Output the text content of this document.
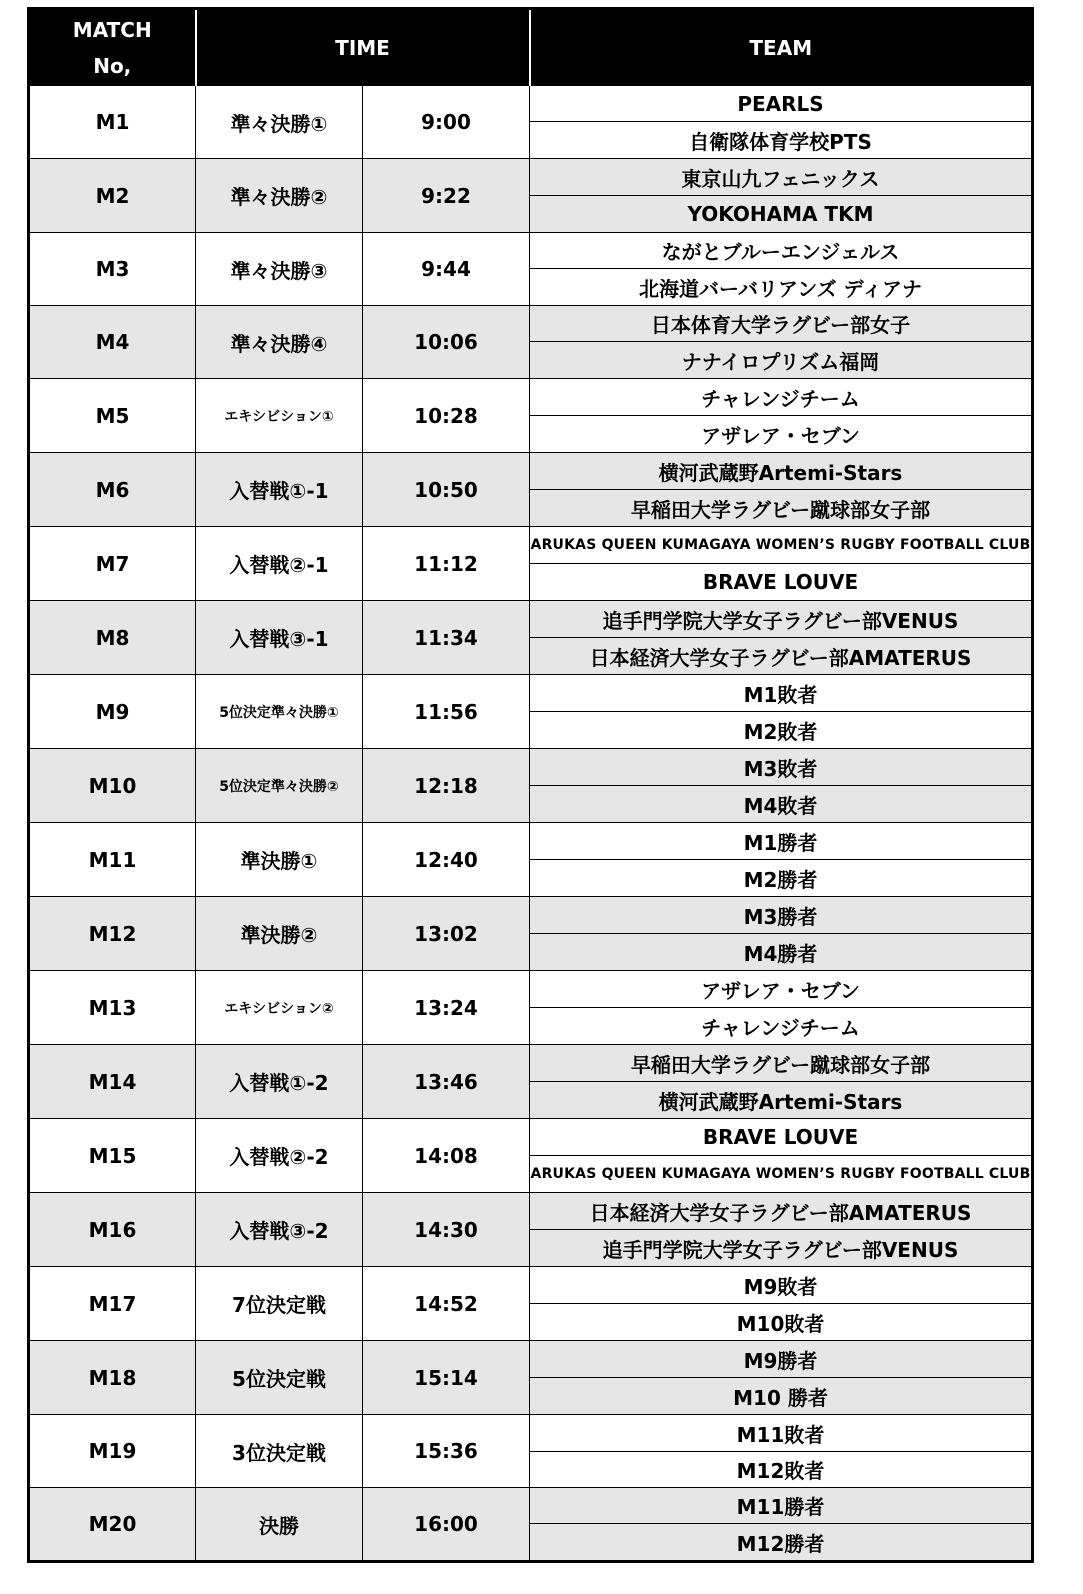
MATCH
No,	TIME		TEAM
M1	準々決勝①	9:00	PEARLS
			自衛隊体育学校PTS
M2	準々決勝②	9:22	東京山九フェニックス
			YOKOHAMA TKM
M3	準々決勝③	9:44	ながとブルーエンジェルス
			北海道バーバリアンズ ディアナ
M4	準々決勝④	10:06	日本体育大学ラグビー部女子
			ナナイロプリズム福岡
M5	エキシビション①	10:28	チャレンジチーム
			アザレア・セブン
M6	入替戦①-1	10:50	横河武蔵野Artemi-Stars
			早稲田大学ラグビー蹴球部女子部
M7	入替戦②-1	11:12	ARUKAS QUEEN KUMAGAYA WOMEN’S RUGBY FOOTBALL CLUB
			BRAVE LOUVE
M8	入替戦③-1	11:34	追手門学院大学女子ラグビー部VENUS
			日本経済大学女子ラグビー部AMATERUS
M9	5位決定準々決勝①	11:56	M1敗者
			M2敗者
M10	5位決定準々決勝②	12:18	M3敗者
			M4敗者
M11	準決勝①	12:40	M1勝者
			M2勝者
M12	準決勝②	13:02	M3勝者
			M4勝者
M13	エキシビション②	13:24	アザレア・セブン
			チャレンジチーム
M14	入替戦①-2	13:46	早稲田大学ラグビー蹴球部女子部
			横河武蔵野Artemi-Stars
M15	入替戦②-2	14:08	BRAVE LOUVE
			ARUKAS QUEEN KUMAGAYA WOMEN’S RUGBY FOOTBALL CLUB
M16	入替戦③-2	14:30	日本経済大学女子ラグビー部AMATERUS
			追手門学院大学女子ラグビー部VENUS
M17	7位決定戦	14:52	M9敗者
			M10敗者
M18	5位決定戦	15:14	M9勝者
			M10 勝者
M19	3位決定戦	15:36	M11敗者
			M12敗者
M20	決勝	16:00	M11勝者
			M12勝者
